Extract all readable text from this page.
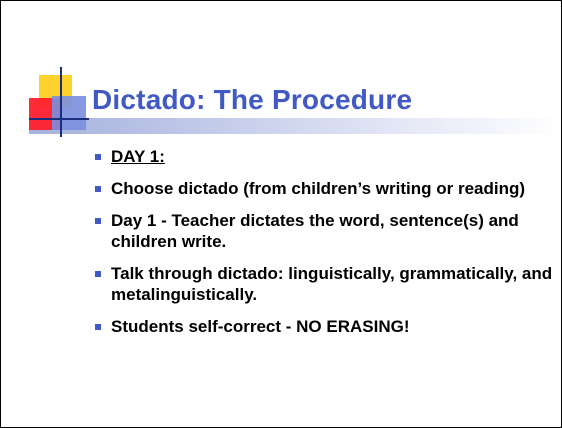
Dictado: The Procedure
DAY 1:
Choose dictado (from children’s writing or reading)
Day 1 - Teacher dictates the word, sentence(s) and children write.
Talk through dictado: linguistically, grammatically, and metalinguistically.
Students self-correct - NO ERASING!
